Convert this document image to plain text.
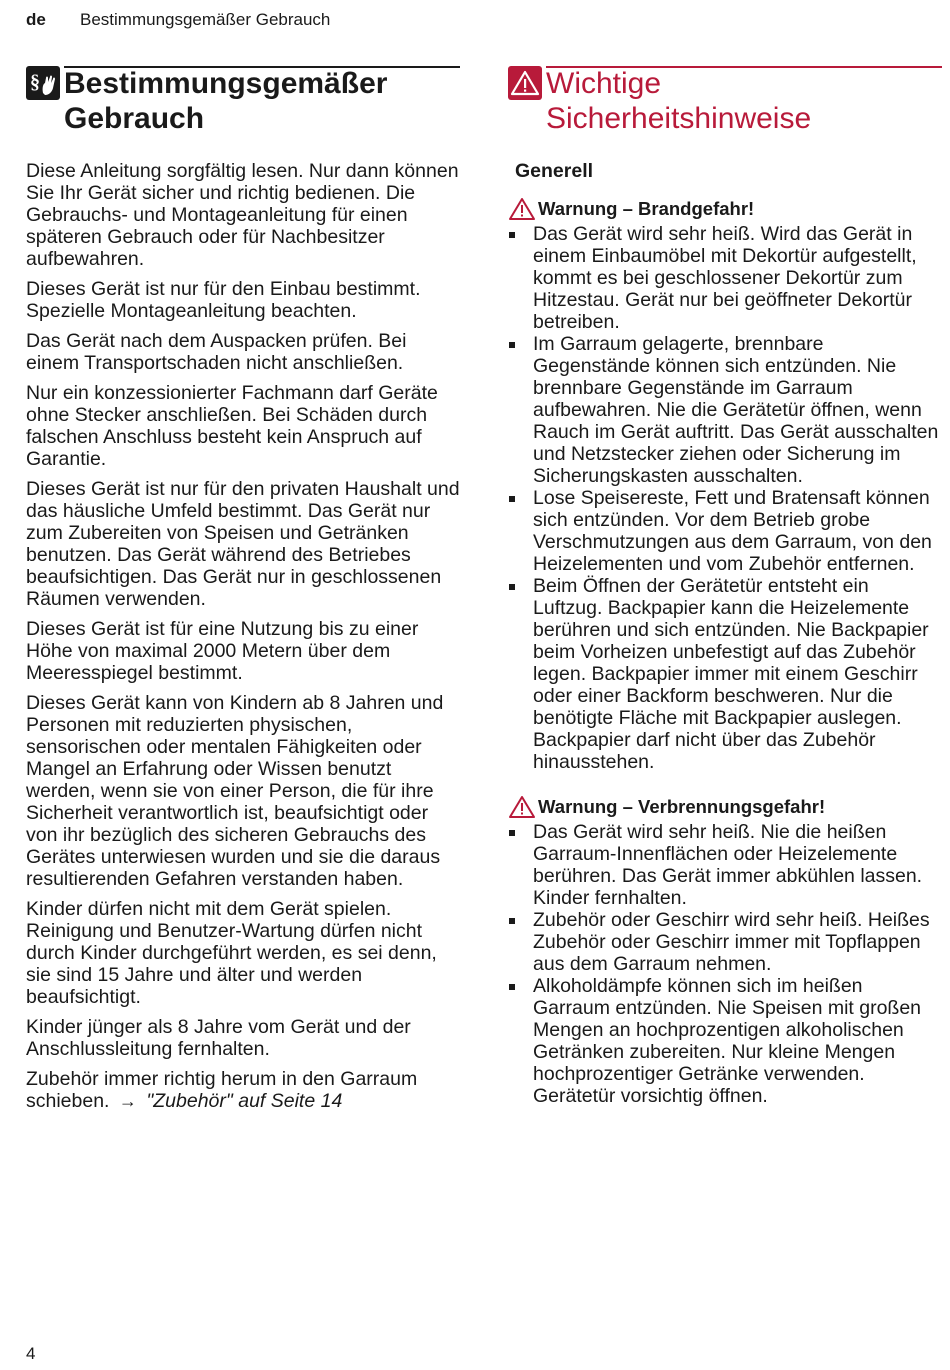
de Bestimmungsgemäßer Gebrauch
§ Bestimmungsgemäßer
Gebrauch

Diese Anleitung sorgfältig lesen. Nur dann können Sie Ihr Gerät sicher und richtig bedienen. Die Gebrauchs- und Montageanleitung für einen späteren Gebrauch oder für Nachbesitzer aufbewahren.

Dieses Gerät ist nur für den Einbau bestimmt. Spezielle Montageanleitung beachten.

Das Gerät nach dem Auspacken prüfen. Bei einem Transportschaden nicht anschließen.

Nur ein konzessionierter Fachmann darf Geräte ohne Stecker anschließen. Bei Schäden durch falschen Anschluss besteht kein Anspruch auf Garantie.

Dieses Gerät ist nur für den privaten Haushalt und das häusliche Umfeld bestimmt. Das Gerät nur zum Zubereiten von Speisen und Getränken benutzen. Das Gerät während des Betriebes beaufsichtigen. Das Gerät nur in geschlossenen Räumen verwenden.

Dieses Gerät ist für eine Nutzung bis zu einer Höhe von maximal 2000 Metern über dem Meeresspiegel bestimmt.

Dieses Gerät kann von Kindern ab 8 Jahren und Personen mit reduzierten physischen, sensorischen oder mentalen Fähigkeiten oder Mangel an Erfahrung oder Wissen benutzt werden, wenn sie von einer Person, die für ihre Sicherheit verantwortlich ist, beaufsichtigt oder von ihr bezüglich des sicheren Gebrauchs des Gerätes unterwiesen wurden und sie die daraus resultierenden Gefahren verstanden haben.

Kinder dürfen nicht mit dem Gerät spielen. Reinigung und Benutzer-Wartung dürfen nicht durch Kinder durchgeführt werden, es sei denn, sie sind 15 Jahre und älter und werden beaufsichtigt.

Kinder jünger als 8 Jahre vom Gerät und der Anschlussleitung fernhalten.

Zubehör immer richtig herum in den Garraum schieben. → "Zubehör" auf Seite 14

Wichtige
Sicherheitshinweise
Generell
Warnung – Brandgefahr!
Das Gerät wird sehr heiß. Wird das Gerät in einem Einbaumöbel mit Dekortür aufgestellt, kommt es bei geschlossener Dekortür zum Hitzestau. Gerät nur bei geöffneter Dekortür betreiben.
Im Garraum gelagerte, brennbare Gegenstände können sich entzünden. Nie brennbare Gegenstände im Garraum aufbewahren. Nie die Gerätetür öffnen, wenn Rauch im Gerät auftritt. Das Gerät ausschalten und Netzstecker ziehen oder Sicherung im Sicherungskasten ausschalten.
Lose Speisereste, Fett und Bratensaft können sich entzünden. Vor dem Betrieb grobe Verschmutzungen aus dem Garraum, von den Heizelementen und vom Zubehör entfernen.
Beim Öffnen der Gerätetür entsteht ein Luftzug. Backpapier kann die Heizelemente berühren und sich entzünden. Nie Backpapier beim Vorheizen unbefestigt auf das Zubehör legen. Backpapier immer mit einem Geschirr oder einer Backform beschweren. Nur die benötigte Fläche mit Backpapier auslegen. Backpapier darf nicht über das Zubehör hinausstehen.
Warnung – Verbrennungsgefahr!
Das Gerät wird sehr heiß. Nie die heißen Garraum-Innenflächen oder Heizelemente berühren. Das Gerät immer abkühlen lassen. Kinder fernhalten.
Zubehör oder Geschirr wird sehr heiß. Heißes Zubehör oder Geschirr immer mit Topflappen aus dem Garraum nehmen.
Alkoholdämpfe können sich im heißen Garraum entzünden. Nie Speisen mit großen Mengen an hochprozentigen alkoholischen Getränken zubereiten. Nur kleine Mengen hochprozentiger Getränke verwenden. Gerätetür vorsichtig öffnen.
4
